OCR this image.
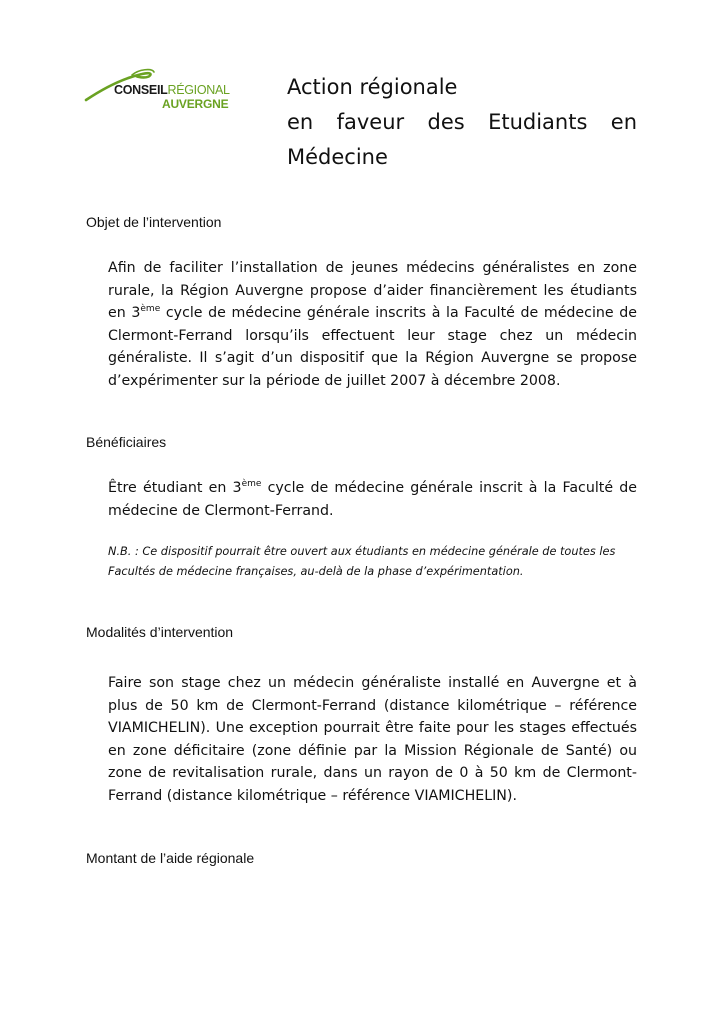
CONSEILRÉGIONAL
AUVERGNE
Action régionale

en faveur des Etudiants en
Médecine
Objet de l’intervention
Afin de faciliter l’installation de jeunes médecins généralistes en zone rurale, la Région Auvergne propose d’aider financièrement les étudiants en 3ème cycle de médecine générale inscrits à la Faculté de médecine de Clermont-Ferrand lorsqu’ils effectuent leur stage chez un médecin généraliste. Il s’agit d’un dispositif que la Région Auvergne se propose d’expérimenter sur la période de juillet 2007 à décembre 2008.
Bénéficiaires
Être étudiant en 3ème cycle de médecine générale inscrit à la Faculté de médecine de Clermont-Ferrand.
N.B. : Ce dispositif pourrait être ouvert aux étudiants en médecine générale de toutes les Facultés de médecine françaises, au-delà de la phase d’expérimentation.
Modalités d’intervention
Faire son stage chez un médecin généraliste installé en Auvergne et à plus de 50 km de Clermont-Ferrand (distance kilométrique – référence VIAMICHELIN). Une exception pourrait être faite pour les stages effectués en zone déficitaire (zone définie par la Mission Régionale de Santé) ou zone de revitalisation rurale, dans un rayon de 0 à 50 km de Clermont-Ferrand (distance kilométrique – référence VIAMICHELIN).
Montant de l’aide régionale
